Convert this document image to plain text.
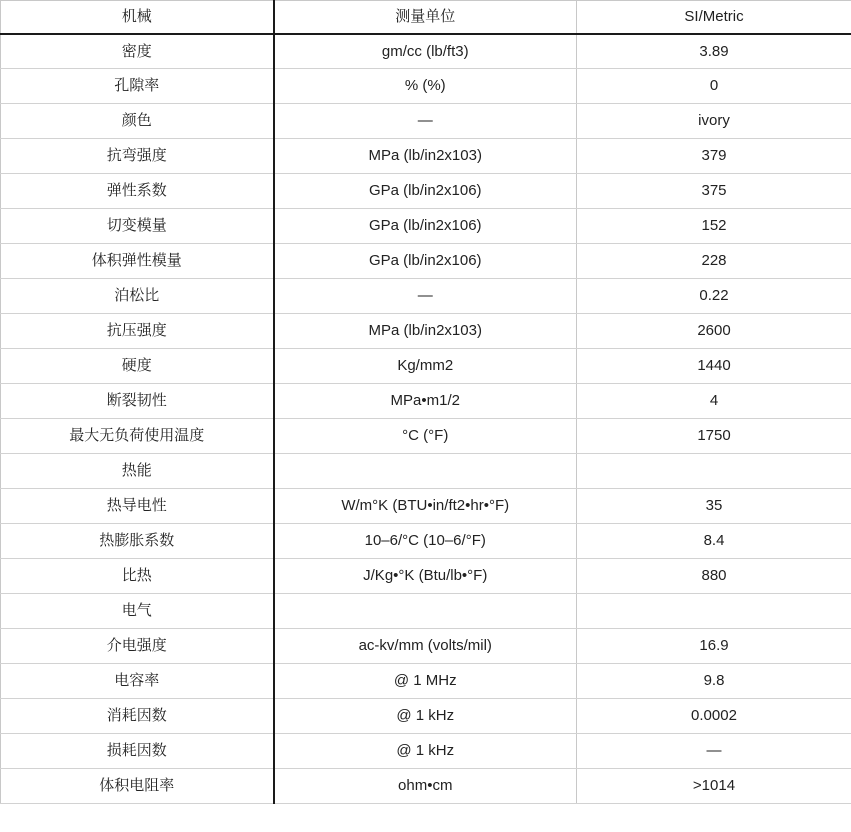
机械	测量单位	SI/Metric
密度	gm/cc (lb/ft3)	3.89
孔隙率	% (%)	0
颜色	—	ivory
抗弯强度	MPa (lb/in2x103)	379
弹性系数	GPa (lb/in2x106)	375
切变模量	GPa (lb/in2x106)	152
体积弹性模量	GPa (lb/in2x106)	228
泊松比	—	0.22
抗压强度	MPa (lb/in2x103)	2600
硬度	Kg/mm2	1440
断裂韧性	MPa•m1/2	4
最大无负荷使用温度	°C (°F)	1750
热能		
热导电性	W/m°K (BTU•in/ft2•hr•°F)	35
热膨胀系数	10–6/°C (10–6/°F)	8.4
比热	J/Kg•°K (Btu/lb•°F)	880
电气		
介电强度	ac-kv/mm (volts/mil)	16.9
电容率	@ 1 MHz	9.8
消耗因数	@ 1 kHz	0.0002
损耗因数	@ 1 kHz	—
体积电阻率	ohm•cm	>1014
